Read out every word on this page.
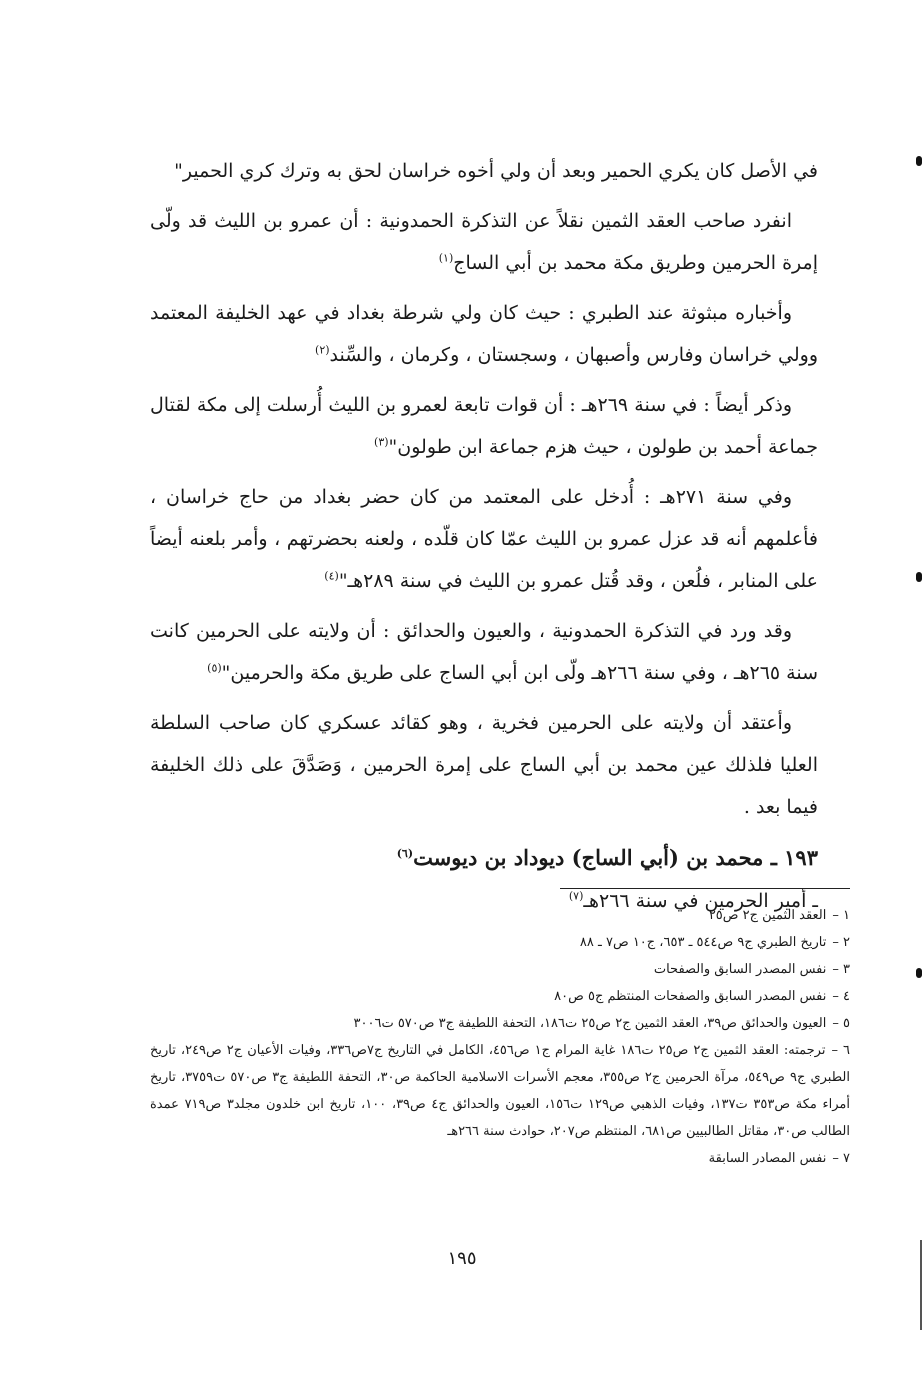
في الأصل كان يكري الحمير وبعد أن ولي أخوه خراسان لحق به وترك كري الحمير"

انفرد صاحب العقد الثمين نقلاً عن التذكرة الحمدونية : أن عمرو بن الليث قد ولّى إمرة الحرمين وطريق مكة محمد بن أبي الساج$^{(١)}$

وأخباره مبثوثة عند الطبري : حيث كان ولي شرطة بغداد في عهد الخليفة المعتمد وولي خراسان وفارس وأصبهان ، وسجستان ، وكرمان ، والسِّند$^{(٢)}$

وذكر أيضاً : في سنة ٢٦٩هـ : أن قوات تابعة لعمرو بن الليث أُرسلت إلى مكة لقتال جماعة أحمد بن طولون ، حيث هزم جماعة ابن طولون"$^{(٣)}$

وفي سنة ٢٧١هـ : أُدخل على المعتمد من كان حضر بغداد من حاج خراسان ، فأعلمهم أنه قد عزل عمرو بن الليث عمّا كان قلّده ، ولعنه بحضرتهم ، وأمر بلعنه أيضاً على المنابر ، فلُعن ، وقد قُتل عمرو بن الليث في سنة ٢٨٩هـ"$^{(٤)}$

وقد ورد في التذكرة الحمدونية ، والعيون والحدائق : أن ولايته على الحرمين كانت سنة ٢٦٥هـ ، وفي سنة ٢٦٦هـ ولّى ابن أبي الساج على طريق مكة والحرمين"$^{(٥)}$

وأعتقد أن ولايته على الحرمين فخرية ، وهو كقائد عسكري كان صاحب السلطة العليا فلذلك عين محمد بن أبي الساج على إمرة الحرمين ، وَصَدَّقَ على ذلك الخليفة فيما بعد .

١٩٣ ـ محمد بن (أبي الساج) ديوداد بن ديوست$^{(٦)}$

ـ أمير الحرمين في سنة ٢٦٦هـ$^{(٧)}$

١ –العقد الثمين ج٢ ص٢٥

٢ –تاريخ الطبري ج٩ ص٥٤٤ ـ ٦٥٣، ج١٠ ص٧ ـ ٨٨

٣ –نفس المصدر السابق والصفحات

٤ –نفس المصدر السابق والصفحات المنتظم ج٥ ص٨٠

٥ –العيون والحدائق ص٣٩، العقد الثمين ج٢ ص٢٥ ت١٨٦، التحفة اللطيفة ج٣ ص٥٧٠ ت٣٠٠٦

٦ –ترجمته: العقد الثمين ج٢ ص٢٥ ت١٨٦ غاية المرام ج١ ص٤٥٦، الكامل في التاريخ ج٧ص٣٣٦، وفيات الأعيان ج٢ ص٢٤٩، تاريخ الطبري ج٩ ص٥٤٩، مرآة الحرمين ج٢ ص٣٥٥، معجم الأسرات الاسلامية الحاكمة ص٣٠، التحفة اللطيفة ج٣ ص٥٧٠ ت٣٧٥٩، تاريخ أمراء مكة ص٣٥٣ ت١٣٧، وفيات الذهبي ص١٢٩ ت١٥٦، العيون والحدائق ج٤ ص٣٩، ١٠٠، تاريخ ابن خلدون مجلد٣ ص٧١٩ عمدة الطالب ص٣٠، مقاتل الطالبيين ص٦٨١، المنتظم ص٢٠٧، حوادث سنة ٢٦٦هـ

٧ –نفس المصادر السابقة

١٩٥
